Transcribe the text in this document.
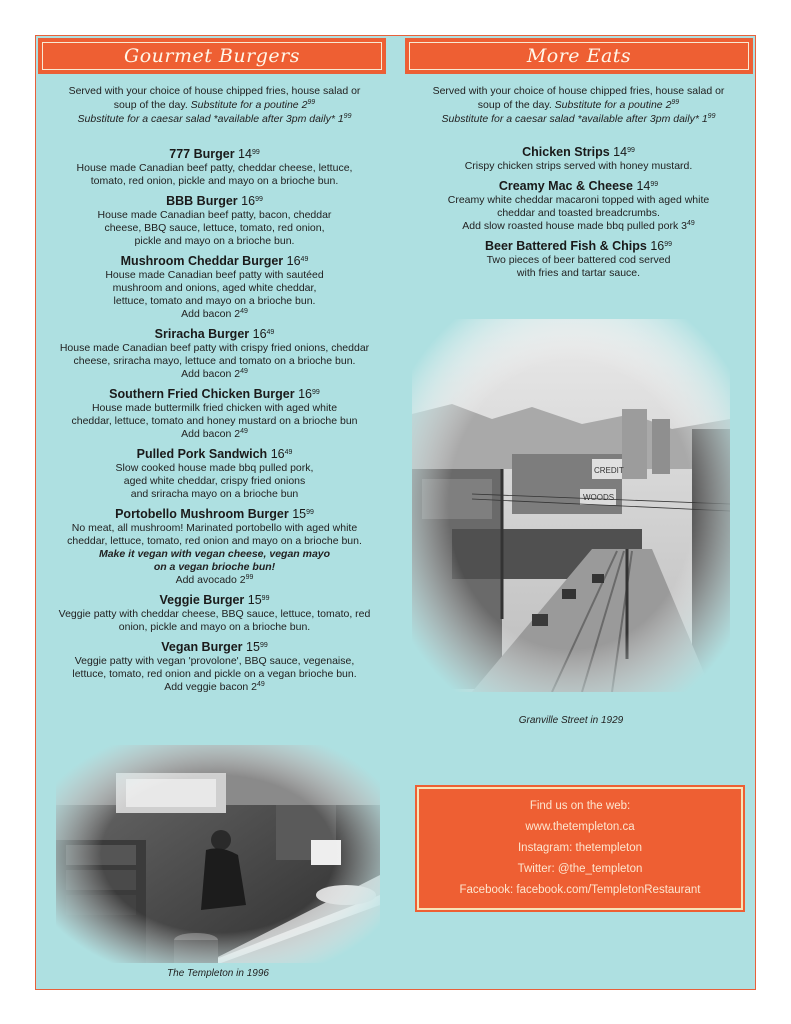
Gourmet Burgers	More Eats
Served with your choice of house chipped fries, house salad or
soup of the day. Substitute for a poutine $2^{99}$
Substitute for a caesar salad *available after 3pm daily* $1^{99}$
Served with your choice of house chipped fries, house salad or
soup of the day. Substitute for a poutine $2^{99}$
Substitute for a caesar salad *available after 3pm daily* $1^{99}$
777 Burger $14^{99}$
House made Canadian beef patty, cheddar cheese, lettuce,
tomato, red onion, pickle and mayo on a brioche bun.
BBB Burger $16^{99}$
House made Canadian beef patty, bacon, cheddar
cheese, BBQ sauce, lettuce, tomato, red onion,
pickle and mayo on a brioche bun.
Mushroom Cheddar Burger $16^{49}$
House made Canadian beef patty with sautéed
mushroom and onions, aged white cheddar,
lettuce, tomato and mayo on a brioche bun.
Add bacon $2^{49}$
Sriracha Burger $16^{49}$
House made Canadian beef patty with crispy fried onions, cheddar
cheese, sriracha mayo, lettuce and tomato on a brioche bun.
Add bacon $2^{49}$
Southern Fried Chicken Burger $16^{99}$
House made buttermilk fried chicken with aged white
cheddar, lettuce, tomato and honey mustard on a brioche bun
Add bacon $2^{49}$
Pulled Pork Sandwich $16^{49}$
Slow cooked house made bbq pulled pork,
aged white cheddar, crispy fried onions
and sriracha mayo on a brioche bun
Portobello Mushroom Burger $15^{99}$
No meat, all mushroom! Marinated portobello with aged white
cheddar, lettuce, tomato, red onion and mayo on a brioche bun.
Make it vegan with vegan cheese, vegan mayo
on a vegan brioche bun!
Add avocado $2^{99}$
Veggie Burger $15^{99}$
Veggie patty with cheddar cheese, BBQ sauce, lettuce, tomato, red
onion, pickle and mayo on a brioche bun.
Vegan Burger $15^{99}$
Veggie patty with vegan 'provolone', BBQ sauce, vegenaise,
lettuce, tomato, red onion and pickle on a vegan brioche bun.
Add veggie bacon $2^{49}$
Chicken Strips $14^{99}$
Crispy chicken strips served with honey mustard.
Creamy Mac & Cheese $14^{99}$
Creamy white cheddar macaroni topped with aged white
cheddar and toasted breadcrumbs.
Add slow roasted house made bbq pulled pork $3^{49}$
Beer Battered Fish & Chips $16^{99}$
Two pieces of beer battered cod served
with fries and tartar sauce.
The Templeton in 1996
Granville Street in 1929
Find us on the web:
www.thetempleton.ca
Instagram: thetempleton
Twitter: @the_templeton
Facebook: facebook.com/TempletonRestaurant
